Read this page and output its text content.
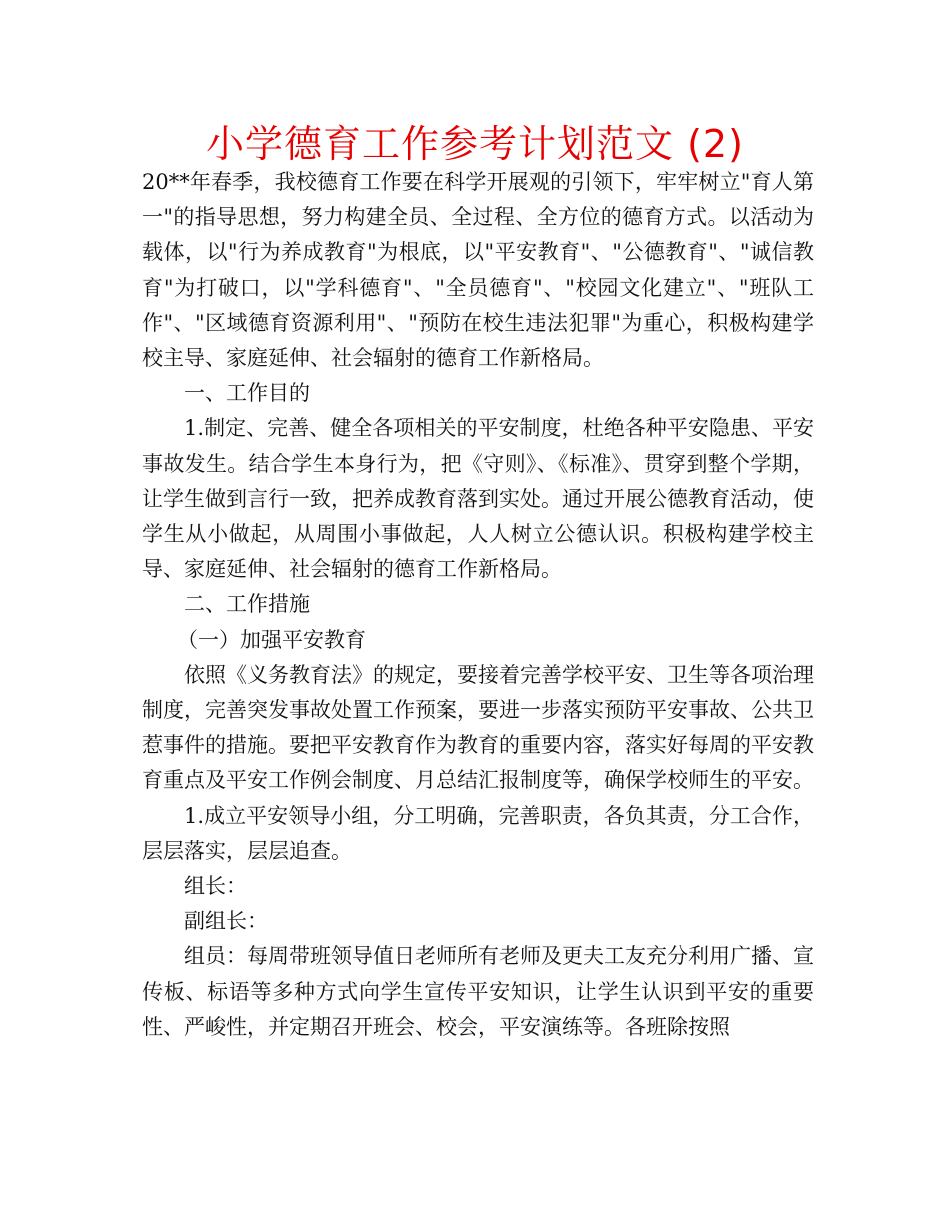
小学德育工作参考计划范文 (2)

20**年春季，我校德育工作要在科学开展观的引领下，牢牢树立"育人第一"的指导思想，努力构建全员、全过程、全方位的德育方式。以活动为载体，以"行为养成教育"为根底，以"平安教育"、"公德教育"、"诚信教育"为打破口，以"学科德育"、"全员德育"、"校园文化建立"、"班队工作"、"区域德育资源利用"、"预防在校生违法犯罪"为重心，积极构建学校主导、家庭延伸、社会辐射的德育工作新格局。

一、工作目的

1.制定、完善、健全各项相关的平安制度，杜绝各种平安隐患、平安事故发生。结合学生本身行为，把《守则》、《标准》、贯穿到整个学期，让学生做到言行一致，把养成教育落到实处。通过开展公德教育活动，使学生从小做起，从周围小事做起，人人树立公德认识。积极构建学校主导、家庭延伸、社会辐射的德育工作新格局。

二、工作措施

（一）加强平安教育

依照《义务教育法》的规定，要接着完善学校平安、卫生等各项治理制度，完善突发事故处置工作预案，要进一步落实预防平安事故、公共卫惹事件的措施。要把平安教育作为教育的重要内容，落实好每周的平安教育重点及平安工作例会制度、月总结汇报制度等，确保学校师生的平安。

1.成立平安领导小组，分工明确，完善职责，各负其责，分工合作，层层落实，层层追查。

组长：

副组长：

组员：每周带班领导值日老师所有老师及更夫工友充分利用广播、宣传板、标语等多种方式向学生宣传平安知识，让学生认识到平安的重要性、严峻性，并定期召开班会、校会，平安演练等。各班除按照
